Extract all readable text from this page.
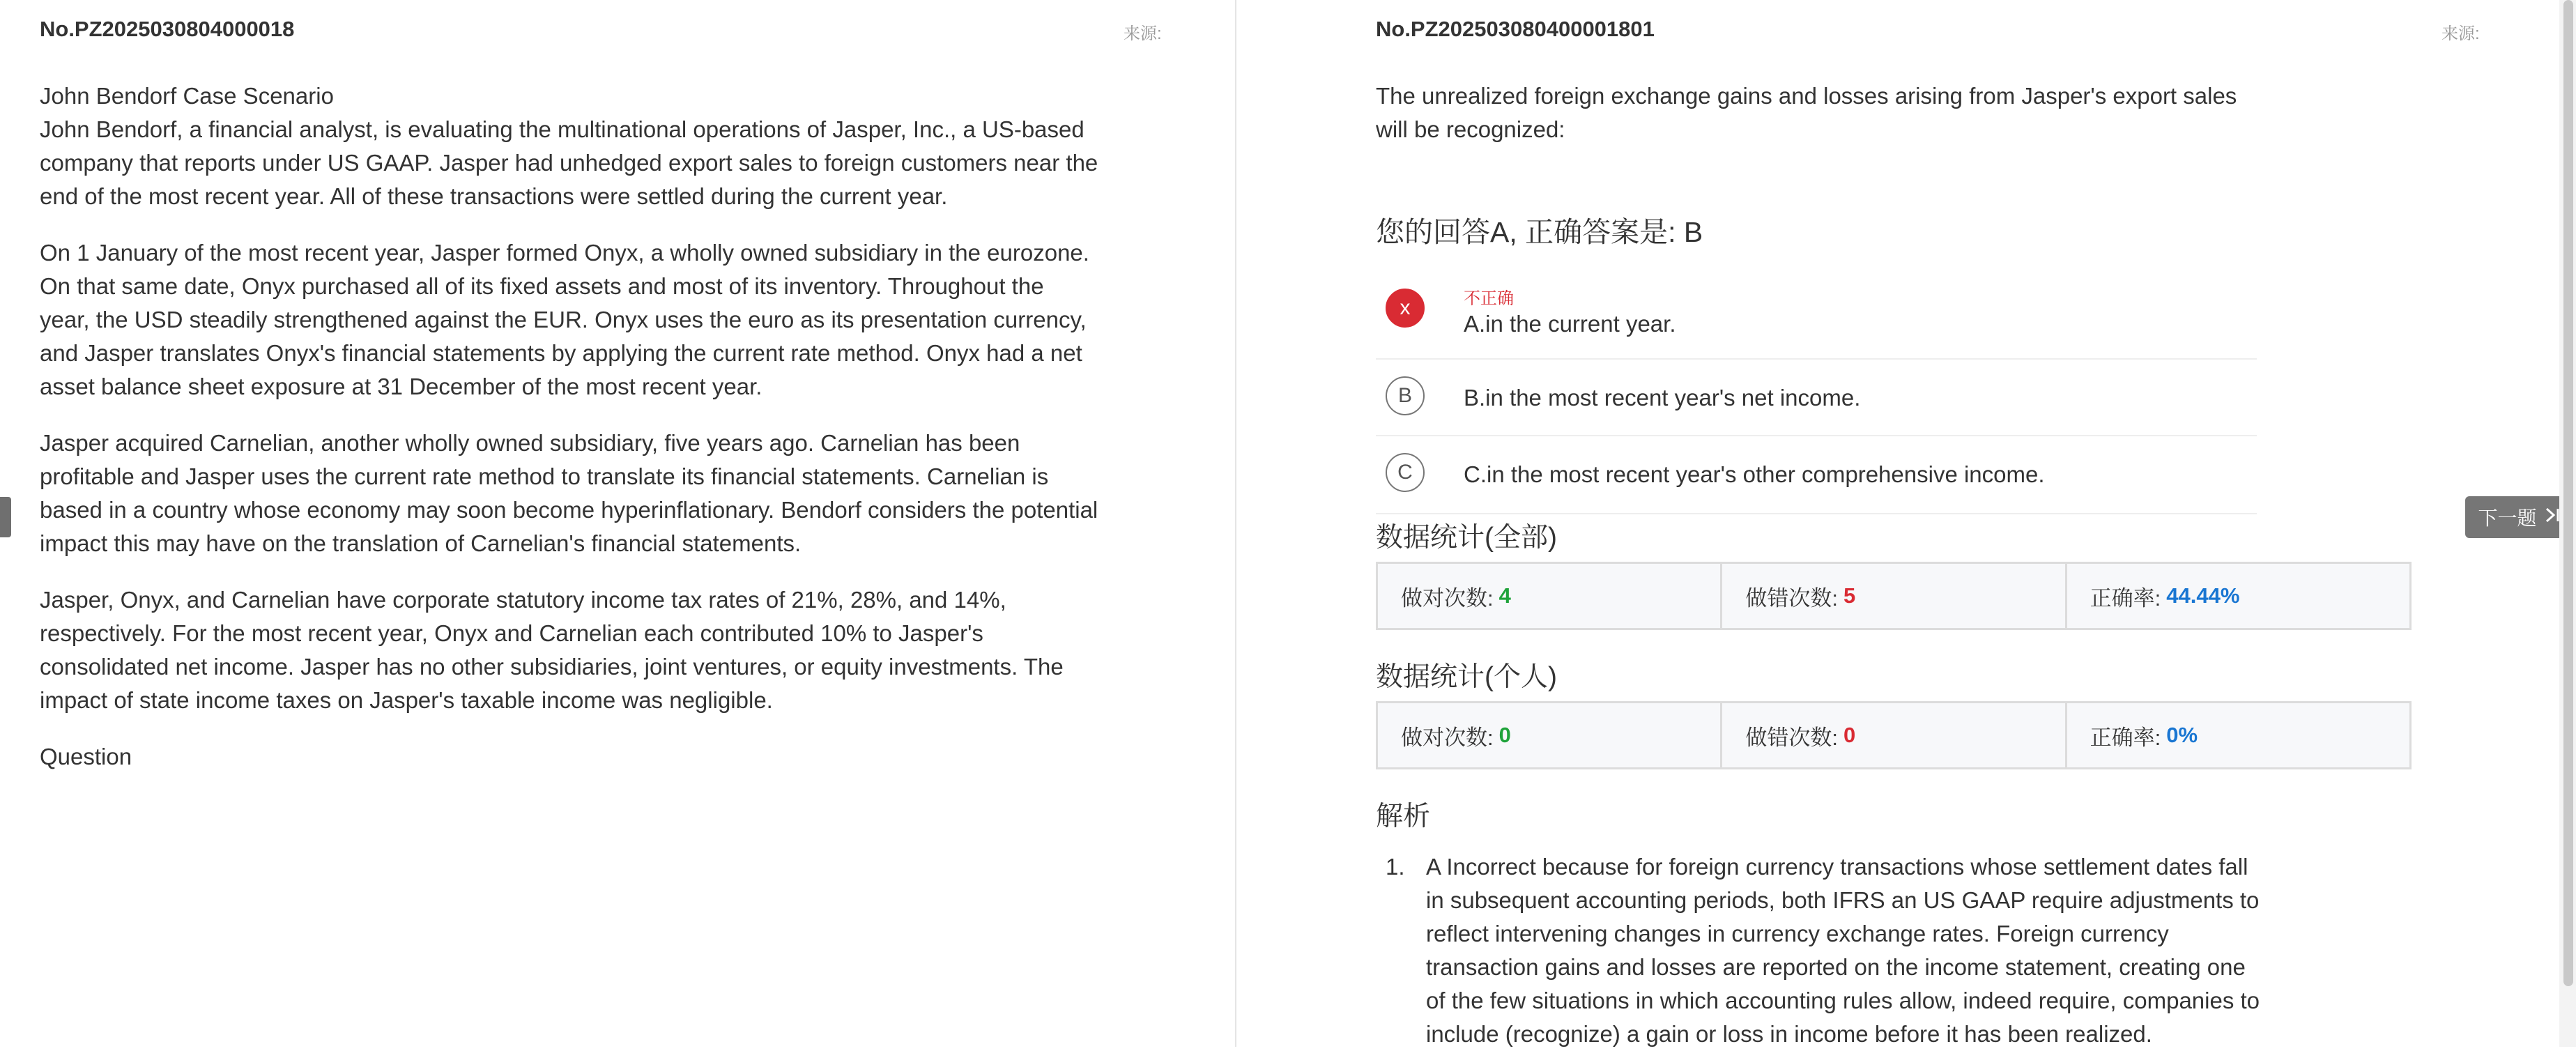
No.PZ2025030804000018	来源:
John Bendorf Case Scenario

John Bendorf, a financial analyst, is evaluating the multinational operations of Jasper, Inc., a US-based company that reports under US GAAP. Jasper had unhedged export sales to foreign customers near the end of the most recent year. All of these transactions were settled during the current year.

On 1 January of the most recent year, Jasper formed Onyx, a wholly owned subsidiary in the eurozone. On that same date, Onyx purchased all of its fixed assets and most of its inventory. Throughout the year, the USD steadily strengthened against the EUR. Onyx uses the euro as its presentation currency, and Jasper translates Onyx's financial statements by applying the current rate method. Onyx had a net asset balance sheet exposure at 31 December of the most recent year.

Jasper acquired Carnelian, another wholly owned subsidiary, five years ago. Carnelian has been profitable and Jasper uses the current rate method to translate its financial statements. Carnelian is based in a country whose economy may soon become hyperinflationary. Bendorf considers the potential impact this may have on the translation of Carnelian's financial statements.

Jasper, Onyx, and Carnelian have corporate statutory income tax rates of 21%, 28%, and 14%, respectively. For the most recent year, Onyx and Carnelian each contributed 10% to Jasper's consolidated net income. Jasper has no other subsidiaries, joint ventures, or equity investments. The impact of state income taxes on Jasper's taxable income was negligible.

Question
No.PZ202503080400001801	来源:
The unrealized foreign exchange gains and losses arising from Jasper's export sales will be recognized:
您的回答A, 正确答案是: B
x	不正确
A.in the current year.
B	B.in the most recent year's net income.
C	C.in the most recent year's other comprehensive income.
数据统计(全部)
做对次数: 4	做错次数: 5	正确率: 44.44%
数据统计(个人)
做对次数: 0	做错次数: 0	正确率: 0%
解析
1. A Incorrect because for foreign currency transactions whose settlement dates fall in subsequent accounting periods, both IFRS an US GAAP require adjustments to reflect intervening changes in currency exchange rates. Foreign currency transaction gains and losses are reported on the income statement, creating one of the few situations in which accounting rules allow, indeed require, companies to include (recognize) a gain or loss in income before it has been realized.
下一题
